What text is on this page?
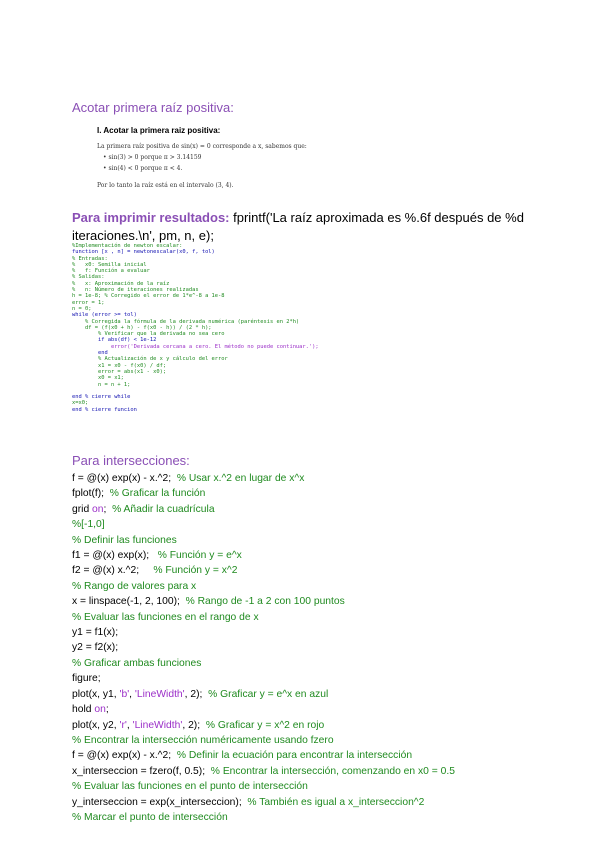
Acotar primera raíz positiva:
I. Acotar la primera raiz positiva:
La primera raíz positiva de sin(x) = 0 corresponde a x, sabemos que:
• sin(3) > 0 porque π > 3.14159
• sin(4) < 0 porque π < 4.
Por lo tanto la raíz está en el intervalo (3, 4).
Para imprimir resultados: fprintf('La raíz aproximada es %.6f después de %d iteraciones.\n', pm, n, e);
%Implementación de newton escalar:
function [x , n] = newtonescalar(x0, f, tol)
% Entradas:
%   x0: Semilla inicial
%   f: Función a evaluar
% Salidas:
%   x: Aproximación de la raíz
%   n: Número de iteraciones realizadas
h = 1e-8; % Corregido el error de 1*e^-8 a 1e-8
error = 1;
n = 0;
while (error >= tol)
% Corregida la fórmula de la derivada numérica (paréntesis en 2*h)
df = (f(x0 + h) - f(x0 - h)) / (2 * h);
% Verificar que la derivada no sea cero
if abs(df) < 1e-12
error('Derivada cercana a cero. El método no puede continuar.');
end
% Actualización de x y cálculo del error
x1 = x0 - f(x0) / df;
error = abs(x1 - x0);
x0 = x1;
n = n + 1;

end % cierre while
x=x0;
end % cierre funcion
Para intersecciones:
f = @(x) exp(x) - x.^2;  % Usar x.^2 en lugar de x^x
fplot(f);  % Graficar la función
grid on;  % Añadir la cuadrícula
%[-1,0]
% Definir las funciones
f1 = @(x) exp(x);   % Función y = e^x
f2 = @(x) x.^2;     % Función y = x^2
% Rango de valores para x
x = linspace(-1, 2, 100);  % Rango de -1 a 2 con 100 puntos
% Evaluar las funciones en el rango de x
y1 = f1(x);
y2 = f2(x);
% Graficar ambas funciones
figure;
plot(x, y1, 'b', 'LineWidth', 2);  % Graficar y = e^x en azul
hold on;
plot(x, y2, 'r', 'LineWidth', 2);  % Graficar y = x^2 en rojo
% Encontrar la intersección numéricamente usando fzero
f = @(x) exp(x) - x.^2;  % Definir la ecuación para encontrar la intersección
x_interseccion = fzero(f, 0.5);  % Encontrar la intersección, comenzando en x0 = 0.5
% Evaluar las funciones en el punto de intersección
y_interseccion = exp(x_interseccion);  % También es igual a x_interseccion^2
% Marcar el punto de intersección
